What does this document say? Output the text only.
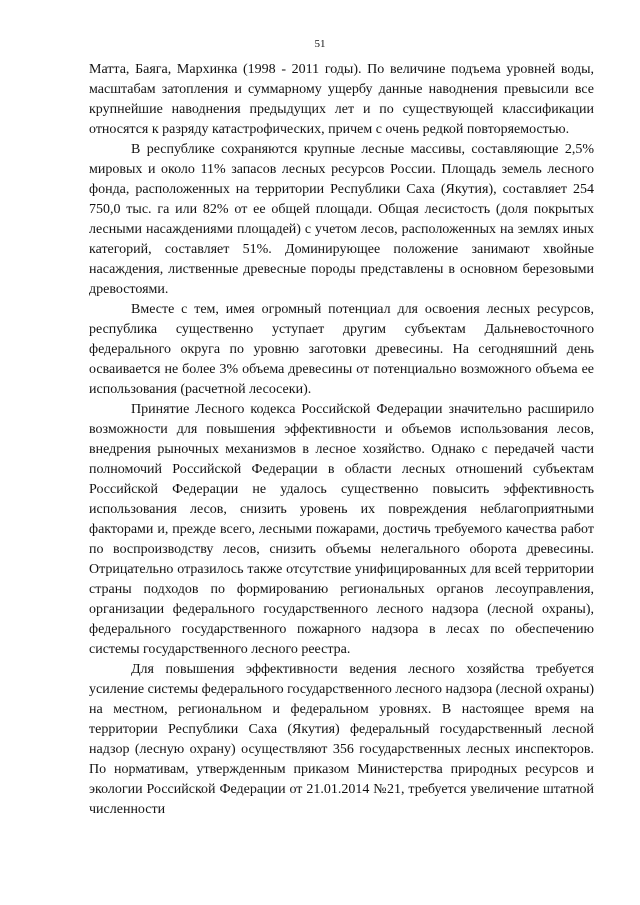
51

Матта, Баяга, Мархинка (1998 - 2011 годы). По величине подъема уровней воды, масштабам затопления и суммарному ущербу данные наводнения превысили все крупнейшие наводнения предыдущих лет и по существующей классификации относятся к разряду катастрофических, причем с очень редкой повторяемостью.

В республике сохраняются крупные лесные массивы, составляющие 2,5% мировых и около 11% запасов лесных ресурсов России. Площадь земель лесного фонда, расположенных на территории Республики Саха (Якутия), составляет 254 750,0 тыс. га или 82% от ее общей площади. Общая лесистость (доля покрытых лесными насаждениями площадей) с учетом лесов, расположенных на землях иных категорий, составляет 51%. Доминирующее положение занимают хвойные насаждения, лиственные древесные породы представлены в основном березовыми древостоями.

Вместе с тем, имея огромный потенциал для освоения лесных ресурсов, республика существенно уступает другим субъектам Дальневосточного федерального округа по уровню заготовки древесины. На сегодняшний день осваивается не более 3% объема древесины от потенциально возможного объема ее использования (расчетной лесосеки).

Принятие Лесного кодекса Российской Федерации значительно расширило возможности для повышения эффективности и объемов использования лесов, внедрения рыночных механизмов в лесное хозяйство. Однако с передачей части полномочий Российской Федерации в области лесных отношений субъектам Российской Федерации не удалось существенно повысить эффективность использования лесов, снизить уровень их повреждения неблагоприятными факторами и, прежде всего, лесными пожарами, достичь требуемого качества работ по воспроизводству лесов, снизить объемы нелегального оборота древесины. Отрицательно отразилось также отсутствие унифицированных для всей территории страны подходов по формированию региональных органов лесоуправления, организации федерального государственного лесного надзора (лесной охраны), федерального государственного пожарного надзора в лесах по обеспечению системы государственного лесного реестра.

Для повышения эффективности ведения лесного хозяйства требуется усиление системы федерального государственного лесного надзора (лесной охраны) на местном, региональном и федеральном уровнях. В настоящее время на территории Республики Саха (Якутия) федеральный государственный лесной надзор (лесную охрану) осуществляют 356 государственных лесных инспекторов. По нормативам, утвержденным приказом Министерства природных ресурсов и экологии Российской Федерации от 21.01.2014 №21, требуется увеличение штатной численности
